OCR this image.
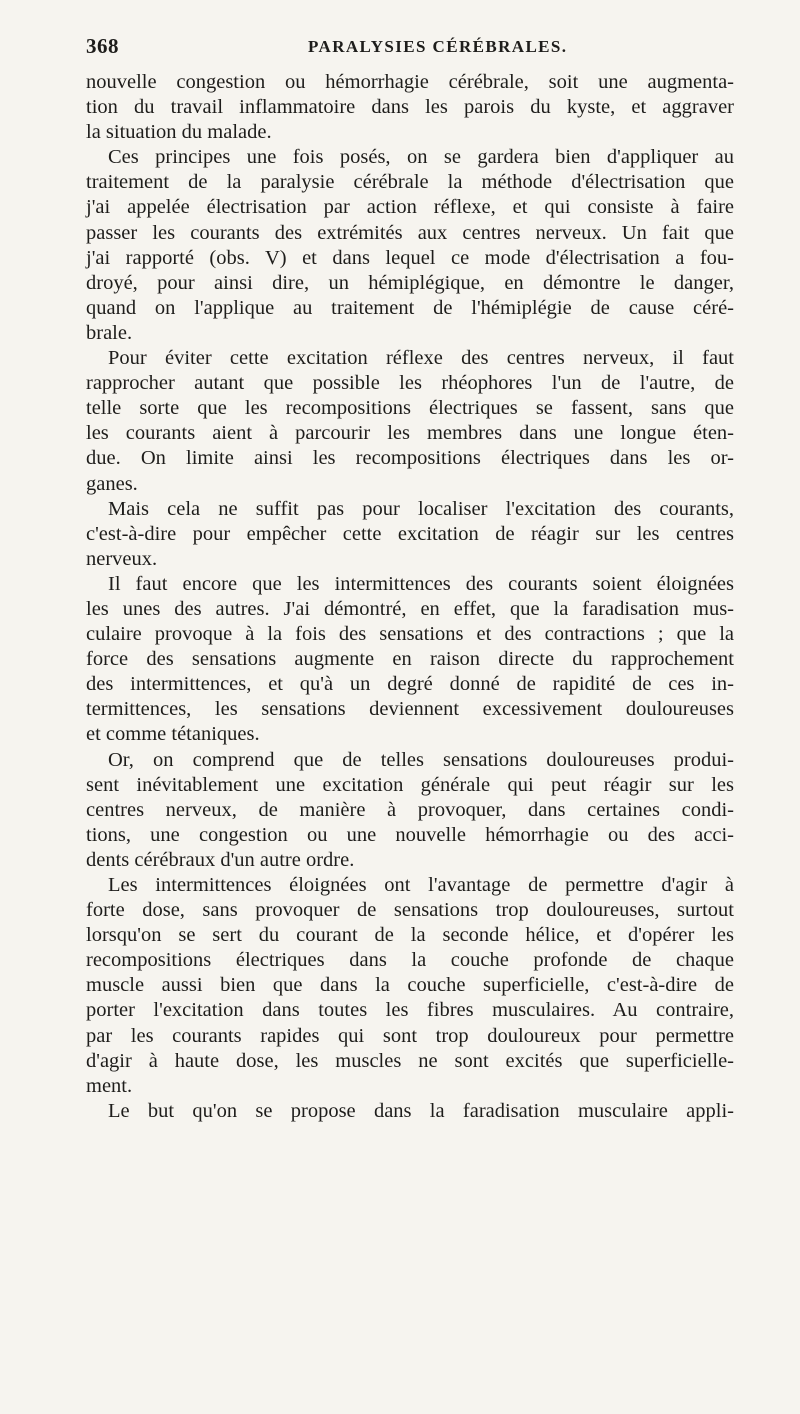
368	PARALYSIES CÉRÉBRALES.
nouvelle congestion ou hémorrhagie cérébrale, soit une augmenta-
tion du travail inflammatoire dans les parois du kyste, et aggraver
la situation du malade.
Ces principes une fois posés, on se gardera bien d'appliquer au
traitement de la paralysie cérébrale la méthode d'électrisation que
j'ai appelée électrisation par action réflexe, et qui consiste à faire
passer les courants des extrémités aux centres nerveux. Un fait que
j'ai rapporté (obs. V) et dans lequel ce mode d'électrisation a fou-
droyé, pour ainsi dire, un hémiplégique, en démontre le danger,
quand on l'applique au traitement de l'hémiplégie de cause céré-
brale.
Pour éviter cette excitation réflexe des centres nerveux, il faut
rapprocher autant que possible les rhéophores l'un de l'autre, de
telle sorte que les recompositions électriques se fassent, sans que
les courants aient à parcourir les membres dans une longue éten-
due. On limite ainsi les recompositions électriques dans les or-
ganes.
Mais cela ne suffit pas pour localiser l'excitation des courants,
c'est-à-dire pour empêcher cette excitation de réagir sur les centres
nerveux.
Il faut encore que les intermittences des courants soient éloignées
les unes des autres. J'ai démontré, en effet, que la faradisation mus-
culaire provoque à la fois des sensations et des contractions ; que la
force des sensations augmente en raison directe du rapprochement
des intermittences, et qu'à un degré donné de rapidité de ces in-
termittences, les sensations deviennent excessivement douloureuses
et comme tétaniques.
Or, on comprend que de telles sensations douloureuses produi-
sent inévitablement une excitation générale qui peut réagir sur les
centres nerveux, de manière à provoquer, dans certaines condi-
tions, une congestion ou une nouvelle hémorrhagie ou des acci-
dents cérébraux d'un autre ordre.
Les intermittences éloignées ont l'avantage de permettre d'agir à
forte dose, sans provoquer de sensations trop douloureuses, surtout
lorsqu'on se sert du courant de la seconde hélice, et d'opérer les
recompositions électriques dans la couche profonde de chaque
muscle aussi bien que dans la couche superficielle, c'est-à-dire de
porter l'excitation dans toutes les fibres musculaires. Au contraire,
par les courants rapides qui sont trop douloureux pour permettre
d'agir à haute dose, les muscles ne sont excités que superficielle-
ment.
Le but qu'on se propose dans la faradisation musculaire appli-
